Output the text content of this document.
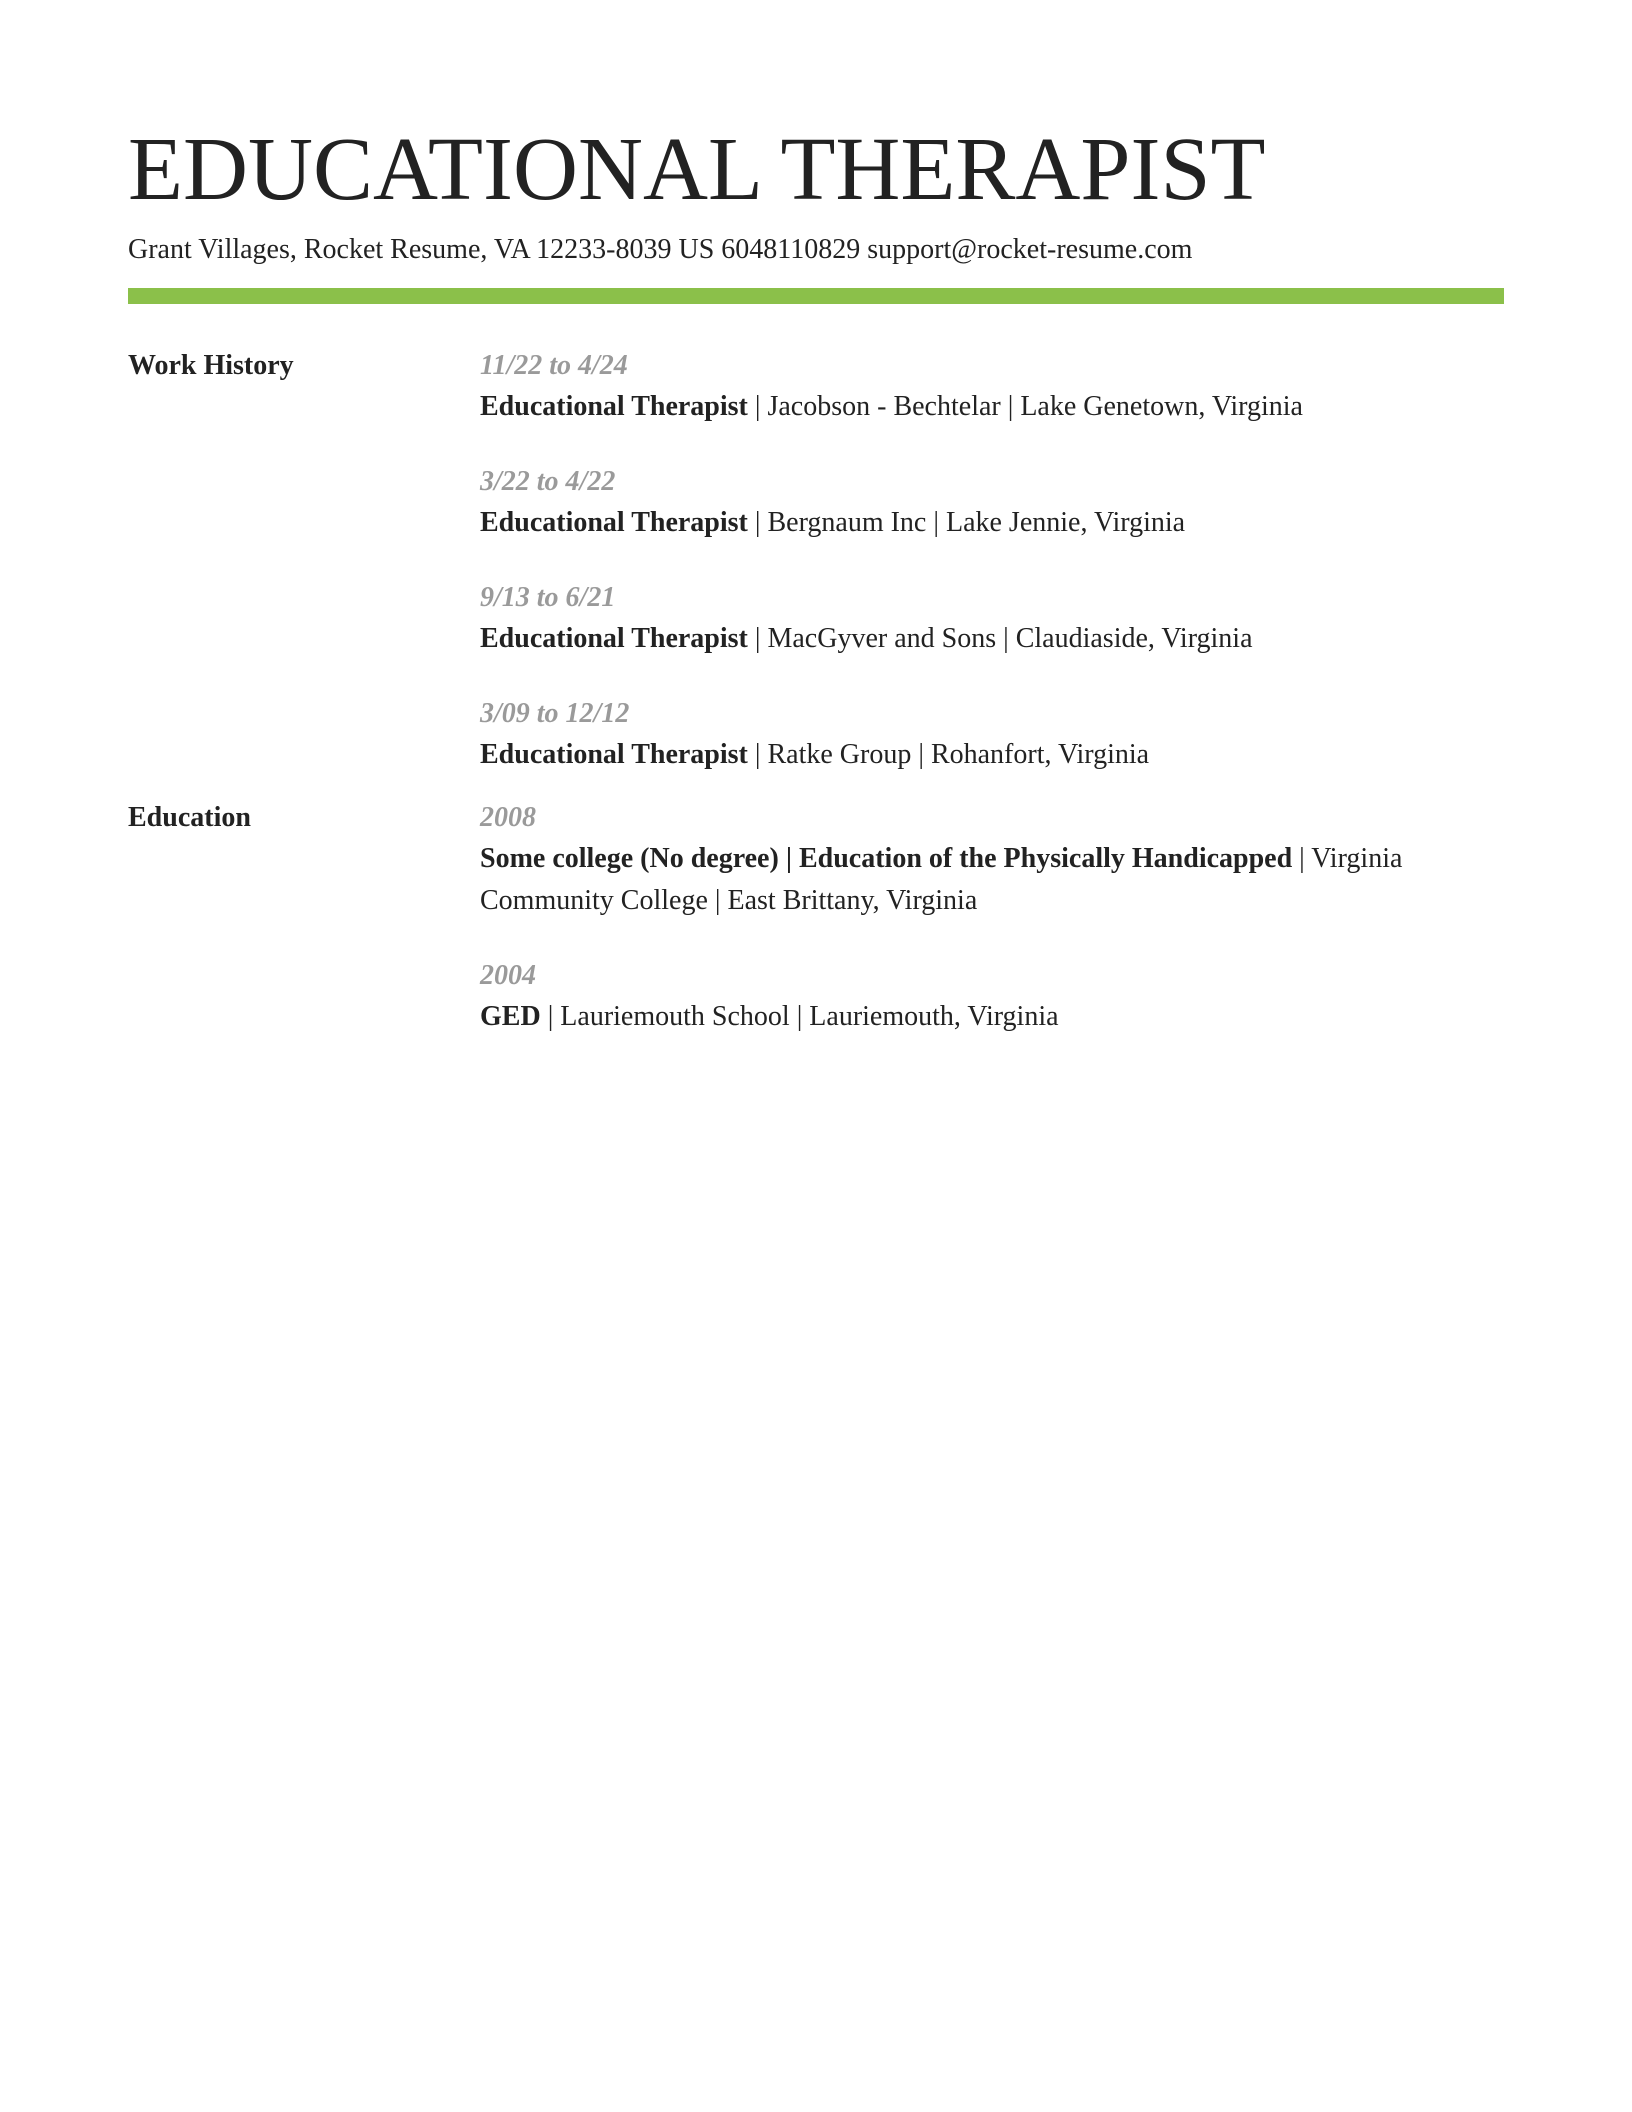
EDUCATIONAL THERAPIST
Grant Villages, Rocket Resume, VA 12233-8039 US 6048110829 support@rocket-resume.com
Work History	11/22 to 4/24
Educational Therapist | Jacobson - Bechtelar | Lake Genetown, Virginia
3/22 to 4/22
Educational Therapist | Bergnaum Inc | Lake Jennie, Virginia
9/13 to 6/21
Educational Therapist | MacGyver and Sons | Claudiaside, Virginia
3/09 to 12/12
Educational Therapist | Ratke Group | Rohanfort, Virginia
Education	2008
Some college (No degree) | Education of the Physically Handicapped | Virginia Community College | East Brittany, Virginia
2004
GED | Lauriemouth School | Lauriemouth, Virginia
